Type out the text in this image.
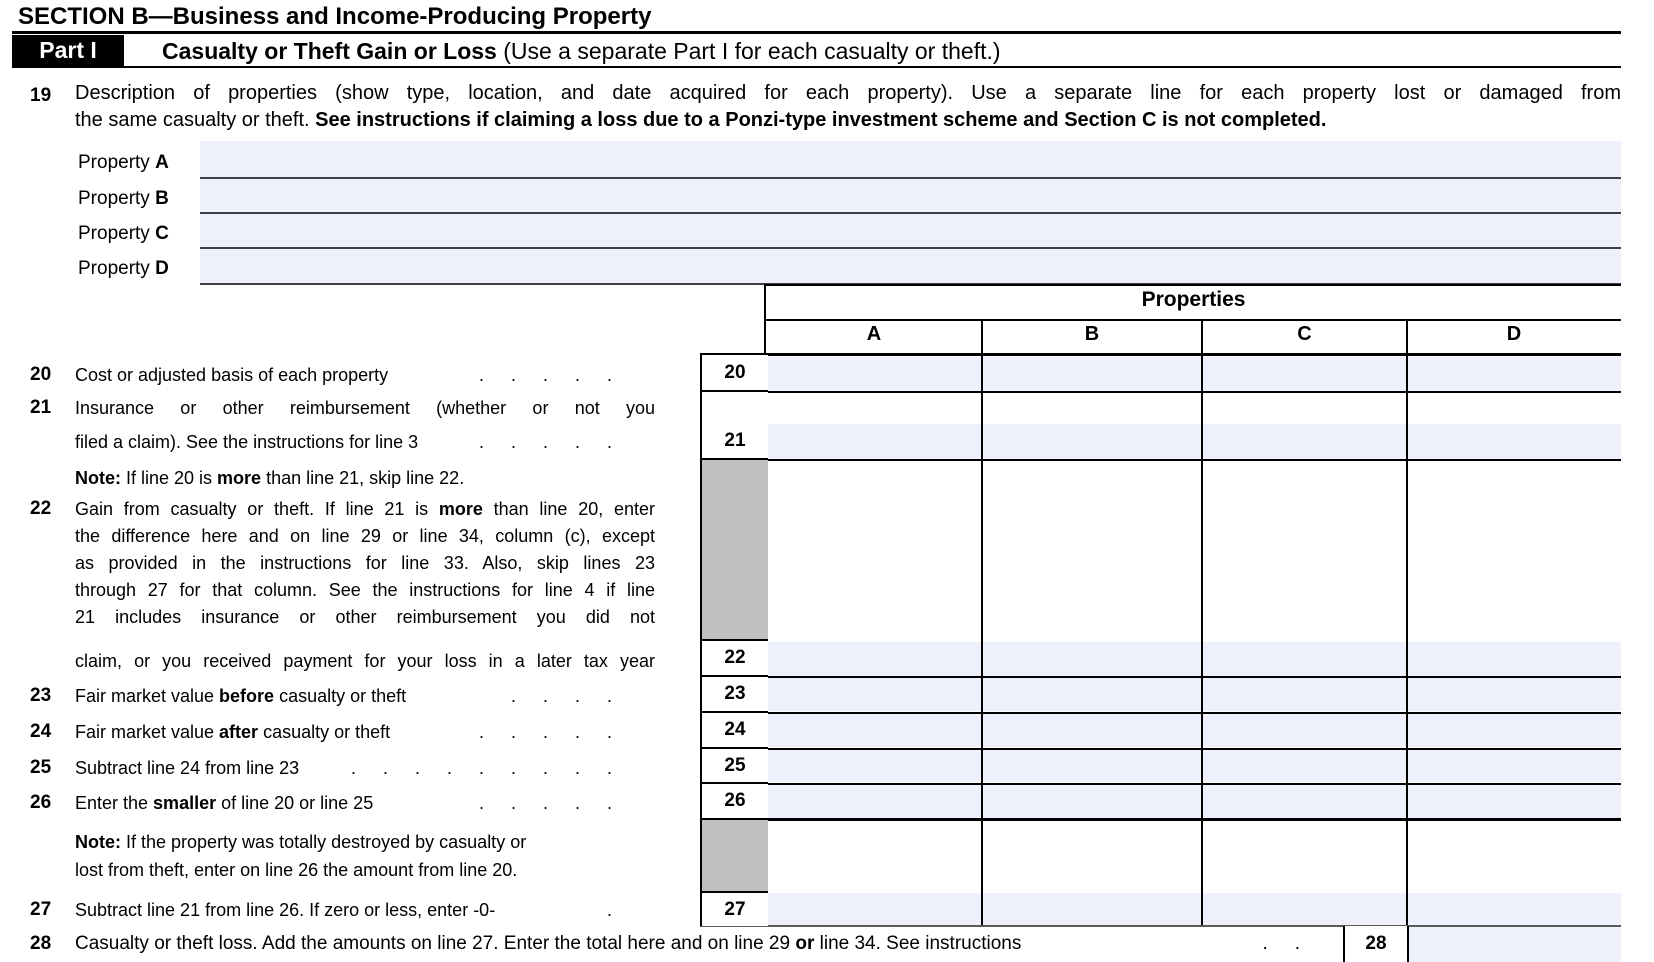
SECTION B—Business and Income-Producing Property
Part I	Casualty or Theft Gain or Loss (Use a separate Part I for each casualty or theft.)
19 Description of properties (show type, location, and date acquired for each property). Use a separate line for each property lost or damaged from
the same casualty or theft. See instructions if claiming a loss due to a Ponzi-type investment scheme and Section C is not completed.
Property A
Property B
Property C
Property D
Properties
A	B	C	D
20
21
22
23
24
25
26
27
20 Cost or adjusted basis of each property	.....
21 Insurance or other reimbursement (whether or not you
filed a claim). See the instructions for line 3	.....
Note: If line 20 is more than line 21, skip line 22.
22 Gain from casualty or theft. If line 21 is more than line 20, enter
the difference here and on line 29 or line 34, column (c), except
as provided in the instructions for line 33. Also, skip lines 23
through 27 for that column. See the instructions for line 4 if line
21 includes insurance or other reimbursement you did not
claim, or you received payment for your loss in a later tax year
23 Fair market value before casualty or theft	....
24 Fair market value after casualty or theft	.....
25 Subtract line 24 from line 23	.........
26 Enter the smaller of line 20 or line 25	.....
Note: If the property was totally destroyed by casualty or
lost from theft, enter on line 26 the amount from line 20.
27 Subtract line 21 from line 26. If zero or less, enter -0-	.
28 Casualty or theft loss. Add the amounts on line 27. Enter the total here and on line 29 or line 34. See instructions	..	28
